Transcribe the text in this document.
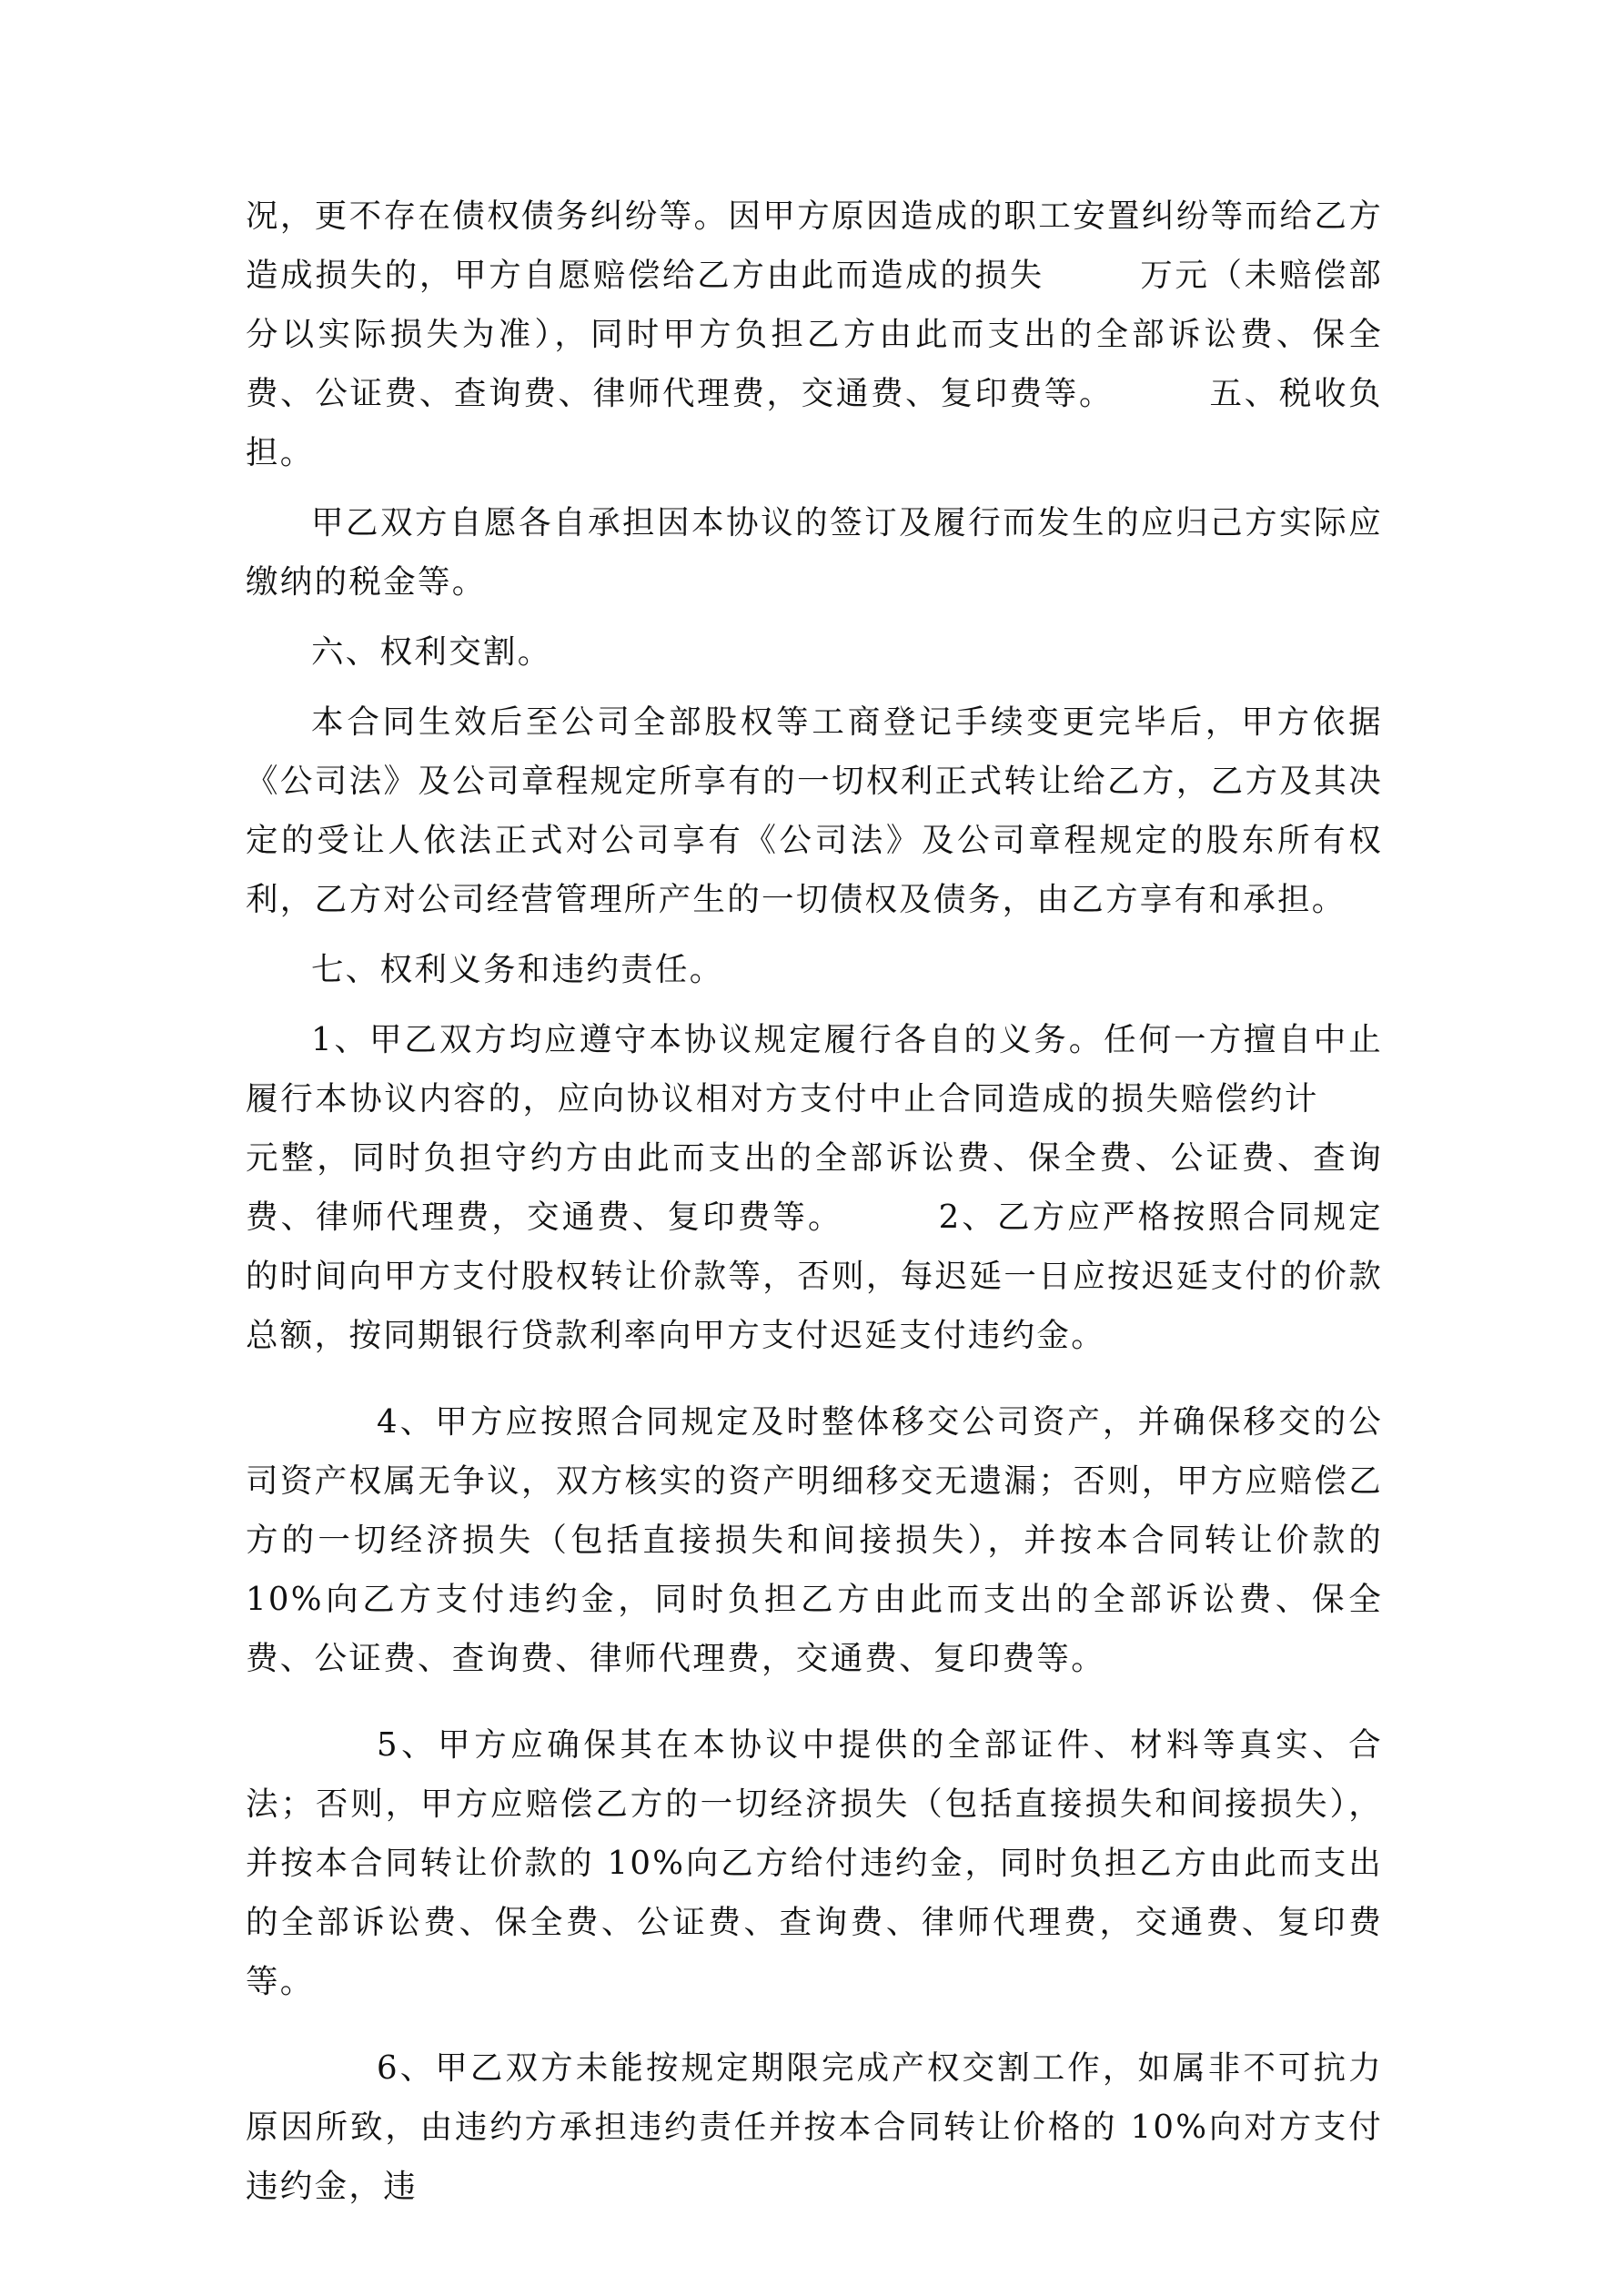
况，更不存在债权债务纠纷等。因甲方原因造成的职工安置纠纷等而给乙方造成损失的，甲方自愿赔偿给乙方由此而造成的损失	万元（未赔偿部分以实际损失为准），同时甲方负担乙方由此而支出的全部诉讼费、保全费、公证费、查询费、律师代理费，交通费、复印费等。	五、税收负担。

甲乙双方自愿各自承担因本协议的签订及履行而发生的应归己方实际应缴纳的税金等。

六、权利交割。

本合同生效后至公司全部股权等工商登记手续变更完毕后，甲方依据《公司法》及公司章程规定所享有的一切权利正式转让给乙方，乙方及其决定的受让人依法正式对公司享有《公司法》及公司章程规定的股东所有权利，乙方对公司经营管理所产生的一切债权及债务，由乙方享有和承担。

七、权利义务和违约责任。

1、甲乙双方均应遵守本协议规定履行各自的义务。任何一方擅自中止履行本协议内容的，应向协议相对方支付中止合同造成的损失赔偿约计元整，同时负担守约方由此而支出的全部诉讼费、保全费、公证费、查询费、律师代理费，交通费、复印费等。	2、乙方应严格按照合同规定的时间向甲方支付股权转让价款等，否则，每迟延一日应按迟延支付的价款总额，按同期银行贷款利率向甲方支付迟延支付违约金。

4、甲方应按照合同规定及时整体移交公司资产，并确保移交的公司资产权属无争议，双方核实的资产明细移交无遗漏；否则，甲方应赔偿乙方的一切经济损失（包括直接损失和间接损失），并按本合同转让价款的 10%向乙方支付违约金，同时负担乙方由此而支出的全部诉讼费、保全费、公证费、查询费、律师代理费，交通费、复印费等。

5、甲方应确保其在本协议中提供的全部证件、材料等真实、合法；否则，甲方应赔偿乙方的一切经济损失（包括直接损失和间接损失），并按本合同转让价款的 10%向乙方给付违约金，同时负担乙方由此而支出的全部诉讼费、保全费、公证费、查询费、律师代理费，交通费、复印费等。

6、甲乙双方未能按规定期限完成产权交割工作，如属非不可抗力原因所致，由违约方承担违约责任并按本合同转让价格的 10%向对方支付违约金，违
